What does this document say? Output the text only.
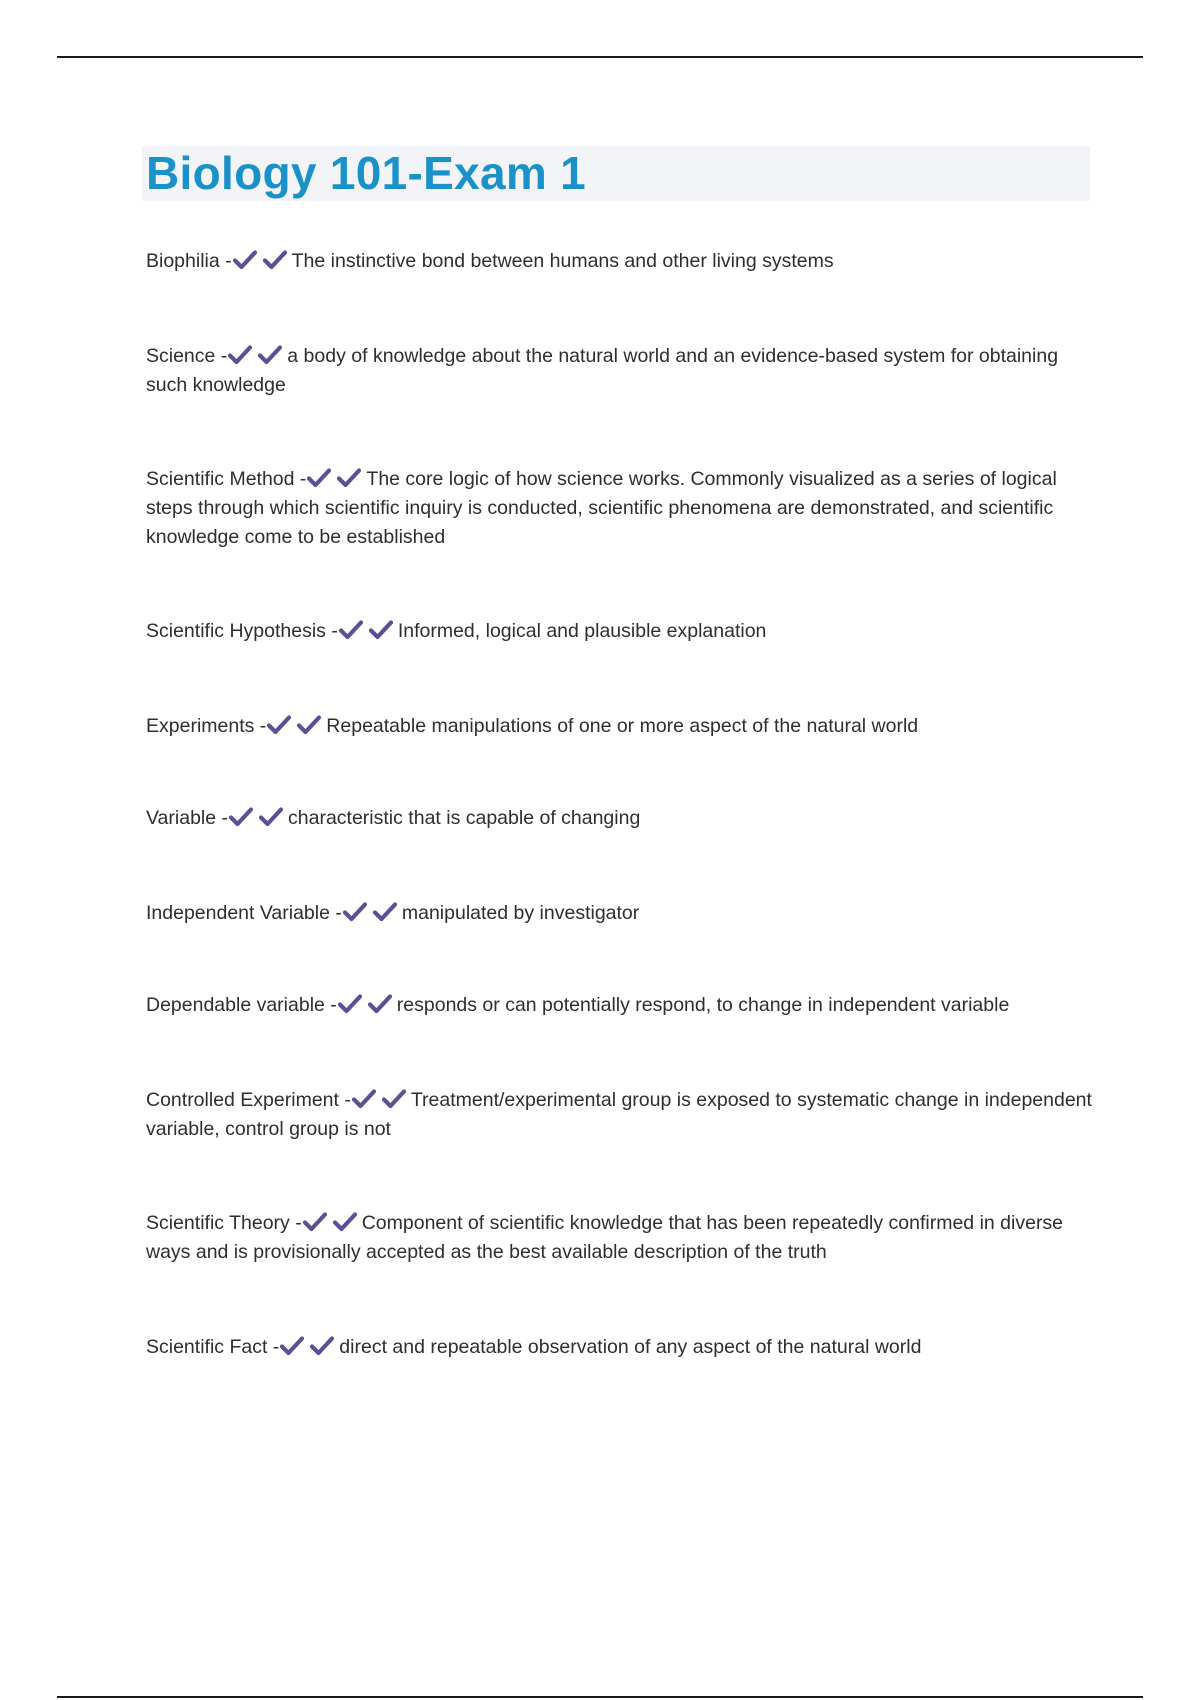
Biology 101-Exam 1

Biophilia -	The instinctive bond between humans and other living systems

Science -	a body of knowledge about the natural world and an evidence-based system for obtaining such knowledge

Scientific Method -	The core logic of how science works. Commonly visualized as a series of logical steps through which scientific inquiry is conducted, scientific phenomena are demonstrated, and scientific knowledge come to be established

Scientific Hypothesis -	Informed, logical and plausible explanation

Experiments -	Repeatable manipulations of one or more aspect of the natural world

Variable -	characteristic that is capable of changing

Independent Variable -	manipulated by investigator

Dependable variable -	responds or can potentially respond, to change in independent variable

Controlled Experiment -	Treatment/experimental group is exposed to systematic change in independent variable, control group is not

Scientific Theory -	Component of scientific knowledge that has been repeatedly confirmed in diverse ways and is provisionally accepted as the best available description of the truth

Scientific Fact -	direct and repeatable observation of any aspect of the natural world
